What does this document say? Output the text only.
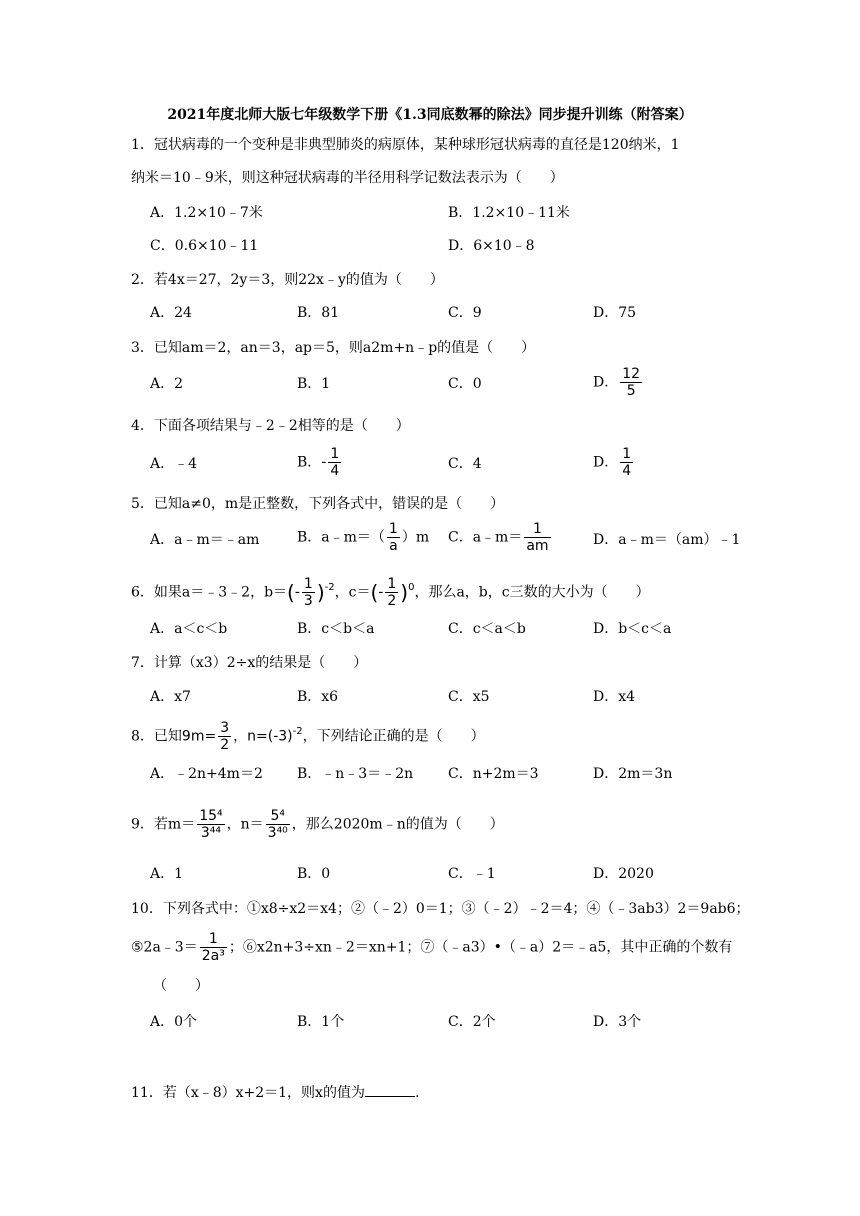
2021年度北师大版七年级数学下册《1.3同底数幂的除法》同步提升训练（附答案）
1．冠状病毒的一个变种是非典型肺炎的病原体，某种球形冠状病毒的直径是120纳米，1
纳米＝10﹣9米，则这种冠状病毒的半径用科学记数法表示为（　　）
A．1.2×10﹣7米	B．1.2×10﹣11米
C．0.6×10﹣11	D．6×10﹣8
2．若4x＝27，2y＝3，则22x﹣y的值为（　　）
A．24	B．81	C．9	D．75
3．已知am＝2，an＝3，ap＝5，则a2m+n﹣p的值是（　　）
A．2	B．1	C．0	D． $\frac{12}{5}$
4．下面各项结果与﹣2﹣2相等的是（　　）
A．﹣4	B．- $\frac{1}{4}$	C．4	D． $\frac{1}{4}$
5．已知a≠0，m是正整数，下列各式中，错误的是（　　）
A．a﹣m＝﹣am	B．a﹣m＝（ $\frac{1}{a} )m$ C．a﹣m＝ $\frac{1}{am}$	D．a﹣m＝（am）﹣1
6．如果a＝﹣3﹣2，$b=(- \frac{1}{3} )^{-2}$，$c=(- \frac{1}{2} )^0$，那么a，b，c三数的大小为（　　）
A．a＜c＜b	B．c＜b＜a	C．c＜a＜b	D．b＜c＜a
7．计算（x3）2÷x的结果是（　　）
A．x7	B．x6	C．x5	D．x4
8．已知$9m= \frac{3}{2}$ ，$n=(-3)^{-2}$，下列结论正确的是（　　）
A．﹣2n+4m＝2 B．﹣n﹣3＝﹣2n C．n+2m＝3	D．2m＝3n
9．若$m= \frac{\text{15⁴}}{\text{3⁴⁴}}$ ，$n= \frac{\text{5⁴}}{\text{3⁴⁰}}$ ，那么2020m﹣n的值为（　　）
A．1	B．0	C．﹣1	D．2020
10．下列各式中：①x8÷x2＝x4；②（﹣2）0＝1；③（﹣2）﹣2＝4；④（﹣3ab3）2＝9ab6；
⑤2a﹣3＝ $\frac{1}{\text{2a³}}$ ；⑥x2n+3÷xn﹣2＝xn+1；⑦（﹣a3）•（﹣a）2＝﹣a5，其中正确的个数有
（　　）
A．0个	B．1个	C．2个	D．3个
11．若（x﹣8）x+2＝1，则x的值为	.
